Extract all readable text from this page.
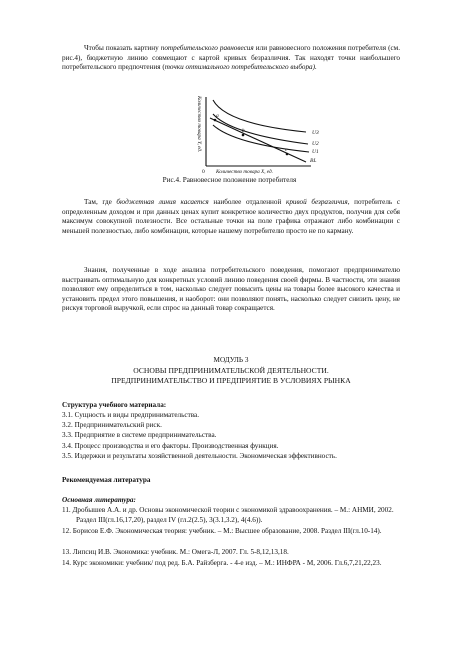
Чтобы показать картину потребительского равновесия или равновесного положения потребителя (см. рис.4), бюджетную линию совмещают с картой кривых безразличия. Так находят точки наибольшего потребительского предпочтения (точки оптимального потребительского выбора).

Количество товара Y, ед.	a
b
c
U3
U2
U1
BL
0 Количество товара X, ед.
Рис.4. Равновесное положение потребителя

Там, где бюджетная линия касается наиболее отдаленной кривой безразличия, потребитель с определенным доходом и при данных ценах купит конкретное количество двух продуктов, получив для себя максимум совокупной полезности. Все остальные точки на поле графика отражают либо комбинации с меньшей полезностью, либо комбинации, которые нашему потребителю просто не по карману.

Знания, полученные в ходе анализа потребительского поведения, помогают предпринимателю выстраивать оптимальную для конкретных условий линию поведения своей фирмы. В частности, эти знания позволяют ему определиться в том, насколько следует повысить цены на товары более высокого качества и установить предел этого повышения, и наоборот: они позволяют понять, насколько следует снизить цену, не рискуя торговой выручкой, если спрос на данный товар сокращается.

МОДУЛЬ 3
ОСНОВЫ ПРЕДПРИНИМАТЕЛЬСКОЙ ДЕЯТЕЛЬНОСТИ.
ПРЕДПРИНИМАТЕЛЬСТВО И ПРЕДПРИЯТИЕ В УСЛОВИЯХ РЫНКА
Структура учебного материала:
3.1. Сущность и виды предпринимательства.
3.2. Предпринимательский риск.
3.3. Предприятие в системе предпринимательства.
3.4. Процесс производства и его факторы. Производственная функция.
3.5. Издержки и результаты хозяйственной деятельности. Экономическая эффективность.
Рекомендуемая литература
Основная литература:
11. Дробышев А.А. и др. Основы экономической теории с экономикой здравоохранения. – М.: АНМИ, 2002. Раздел III(гл.16,17,20), раздел IV (гл.2(2.5), 3(3.1,3.2), 4(4.6)).
12. Борисов Е.Ф. Экономическая теория: учебник. – М.: Высшее образование, 2008. Раздел III(гл.10-14).
13. Липсиц И.В. Экономика: учебник. М.: Омега-Л, 2007. Гл. 5-8,12,13,18.
14. Курс экономики: учебник/ под ред. Б.А. Райзберга. - 4-е изд. – М.: ИНФРА - М, 2006. Гл.6,7,21,22,23.
